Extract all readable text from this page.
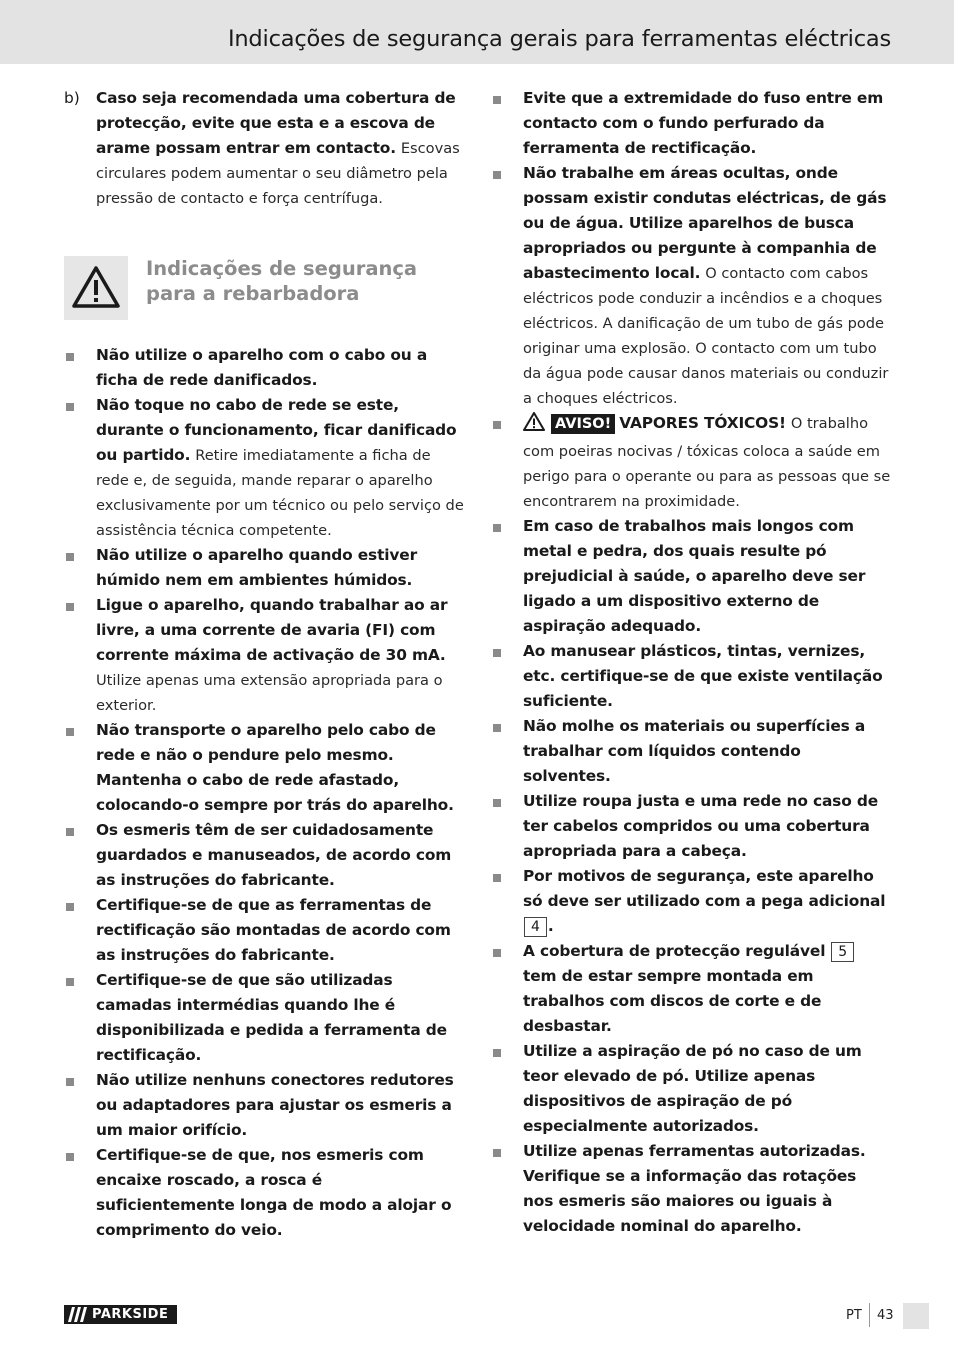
Indicações de segurança gerais para ferramentas eléctricas
b) Caso seja recomendada uma cobertura de protecção, evite que esta e a escova de arame possam entrar em contacto. Escovas circulares podem aumentar o seu diâmetro pela pressão de contacto e força centrífuga.
Indicações de segurança
para a rebarbadora
Não utilize o aparelho com o cabo ou a ficha de rede danificados.
Não toque no cabo de rede se este, durante o funcionamento, ficar danificado ou partido. Retire imediatamente a ficha de rede e, de seguida, mande reparar o aparelho exclusivamente por um técnico ou pelo serviço de assistência técnica competente.
Não utilize o aparelho quando estiver húmido nem em ambientes húmidos.
Ligue o aparelho, quando trabalhar ao ar livre, a uma corrente de avaria (FI) com corrente máxima de activação de 30 mA. Utilize apenas uma extensão apropriada para o exterior.
Não transporte o aparelho pelo cabo de rede e não o pendure pelo mesmo. Mantenha o cabo de rede afastado, colocando-o sempre por trás do aparelho.
Os esmeris têm de ser cuidadosamente guardados e manuseados, de acordo com as instruções do fabricante.
Certifique-se de que as ferramentas de rectificação são montadas de acordo com as instruções do fabricante.
Certifique-se de que são utilizadas camadas intermédias quando lhe é disponibilizada e pedida a ferramenta de rectificação.
Não utilize nenhuns conectores redutores ou adaptadores para ajustar os esmeris a um maior orifício.
Certifique-se de que, nos esmeris com encaixe roscado, a rosca é suficientemente longa de modo a alojar o comprimento do veio.
Evite que a extremidade do fuso entre em contacto com o fundo perfurado da ferramenta de rectificação.
Não trabalhe em áreas ocultas, onde possam existir condutas eléctricas, de gás ou de água. Utilize aparelhos de busca apropriados ou pergunte à companhia de abastecimento local. O contacto com cabos eléctricos pode conduzir a incêndios e a choques eléctricos. A danificação de um tubo de gás pode originar uma explosão. O contacto com um tubo da água pode causar danos materiais ou conduzir a choques eléctricos.
AVISO! VAPORES TÓXICOS! O trabalho com poeiras nocivas / tóxicas coloca a saúde em perigo para o operante ou para as pessoas que se encontrarem na proximidade.
Em caso de trabalhos mais longos com metal e pedra, dos quais resulte pó prejudicial à saúde, o aparelho deve ser ligado a um dispositivo externo de aspiração adequado.
Ao manusear plásticos, tintas, vernizes, etc. certifique-se de que existe ventilação suficiente.
Não molhe os materiais ou superfícies a trabalhar com líquidos contendo solventes.
Utilize roupa justa e uma rede no caso de ter cabelos compridos ou uma cobertura apropriada para a cabeça.
Por motivos de segurança, este aparelho só deve ser utilizado com a pega adicional 4 .
A cobertura de protecção regulável 5 tem de estar sempre montada em trabalhos com discos de corte e de desbastar.
Utilize a aspiração de pó no caso de um teor elevado de pó. Utilize apenas dispositivos de aspiração de pó especialmente autorizados.
Utilize apenas ferramentas autorizadas. Verifique se a informação das rotações nos esmeris são maiores ou iguais à velocidade nominal do aparelho.
PARKSIDE	PT 43
